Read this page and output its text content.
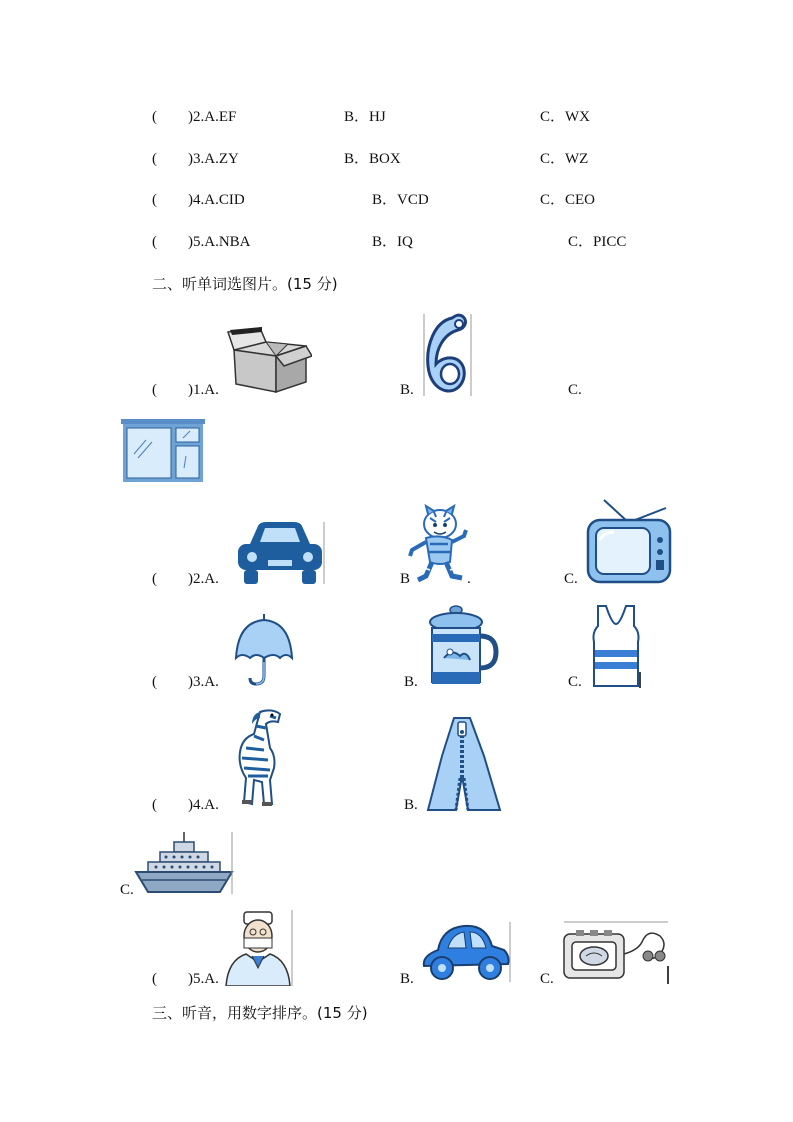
( )2.A.EF	B．HJ	C．WX
( )3.A.ZY	B．BOX	C．WZ
( )4.A.CID	B．VCD	C．CEO
( )5.A.NBA	B．IQ	C．PICC
二、听单词选图片。(15 分)
( )1.A.	B.	C.
( )2.A.	B	.	C.
( )3.A.	B.	C.
( )4.A.	B.
C.
( )5.A.	B.	C.
三、听音，用数字排序。(15 分)
